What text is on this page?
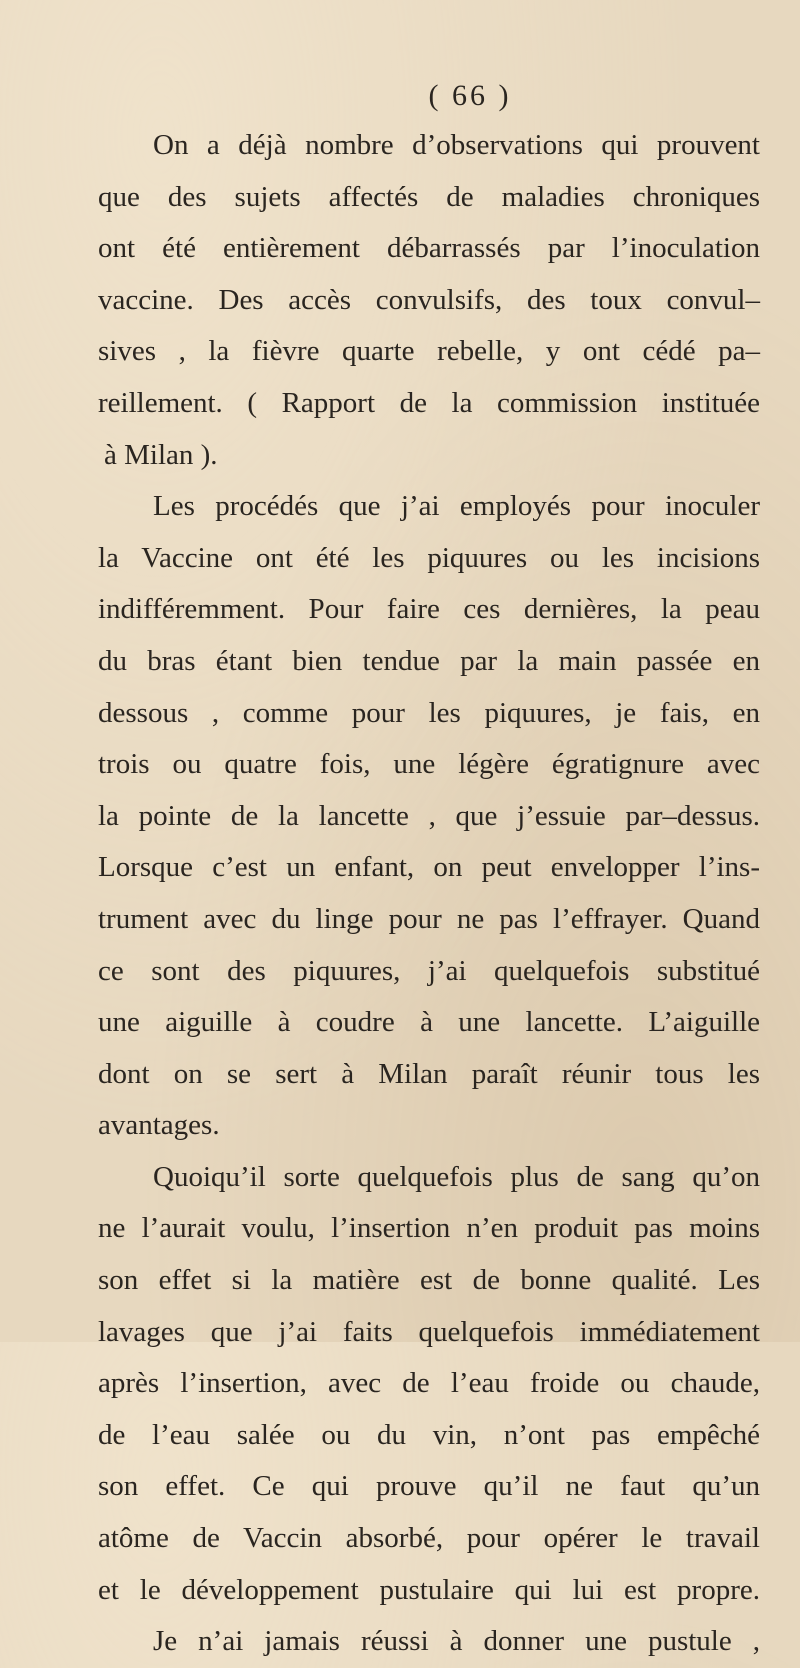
( 66 )
On a déjà nombre d’observations qui prouvent
que des sujets affectés de maladies chroniques
ont été entièrement débarrassés par l’inoculation
vaccine. Des accès convulsifs, des toux convul–
sives , la fièvre quarte rebelle, y ont cédé pa–
reillement. ( Rapport de la commission instituée
à Milan ).
Les procédés que j’ai employés pour inoculer
la Vaccine ont été les piquures ou les incisions
indifféremment. Pour faire ces dernières, la peau
du bras étant bien tendue par la main passée en
dessous , comme pour les piquures, je fais, en
trois ou quatre fois, une légère égratignure avec
la pointe de la lancette , que j’essuie par–dessus.
Lorsque c’est un enfant, on peut envelopper l’ins-
trument avec du linge pour ne pas l’effrayer. Quand
ce sont des piquures, j’ai quelquefois substitué
une aiguille à coudre à une lancette. L’aiguille
dont on se sert à Milan paraît réunir tous les
avantages.
Quoiqu’il sorte quelquefois plus de sang qu’on
ne l’aurait voulu, l’insertion n’en produit pas moins
son effet si la matière est de bonne qualité. Les
lavages que j’ai faits quelquefois immédiatement
après l’insertion, avec de l’eau froide ou chaude,
de l’eau salée ou du vin, n’ont pas empêché
son effet. Ce qui prouve qu’il ne faut qu’un
atôme de Vaccin absorbé, pour opérer le travail
et le développement pustulaire qui lui est propre.
Je n’ai jamais réussi à donner une pustule ,
